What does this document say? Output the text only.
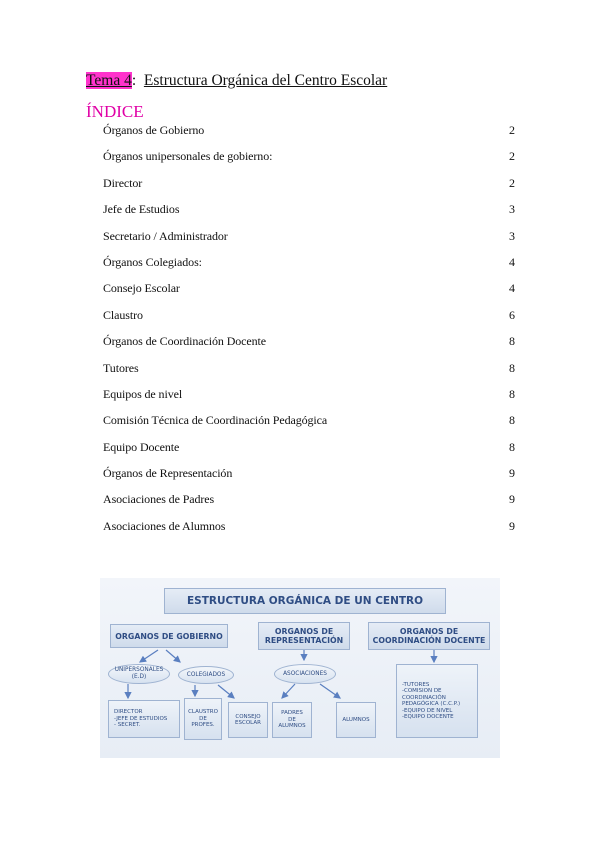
Tema 4: Estructura Orgánica del Centro Escolar
ÍNDICE
Órganos de Gobierno	2
Órganos unipersonales de gobierno:	2
Director	2
Jefe de Estudios	3
Secretario / Administrador	3
Órganos Colegiados:	4
Consejo Escolar	4
Claustro	6
Órganos de Coordinación Docente	8
Tutores	8
Equipos de nivel	8
Comisión Técnica de Coordinación Pedagógica	8
Equipo Docente	8
Órganos de Representación	9
Asociaciones de Padres	9
Asociaciones de Alumnos	9
ESTRUCTURA ORGÁNICA DE UN CENTRO
ORGANOS DE GOBIERNO	ORGANOS DE
REPRESENTACIÓN
ORGANOS DE
COORDINACIÓN DOCENTE
UNIPERSONALES
(E.D)	COLEGIADOS	ASOCIACIONES
DIRECTOR
-JEFE DE ESTUDIOS
- SECRET.
CLAUSTRO
DE
PROFES.
CONSEJO
ESCOLAR
PADRES
DE
ALUMNOS
ALUMNOS
-TUTORES
-COMISION DE
COORDINACIÓN
PEDAGÓGICA (C.C.P.)
-EQUIPO DE NIVEL
-EQUIPO DOCENTE
